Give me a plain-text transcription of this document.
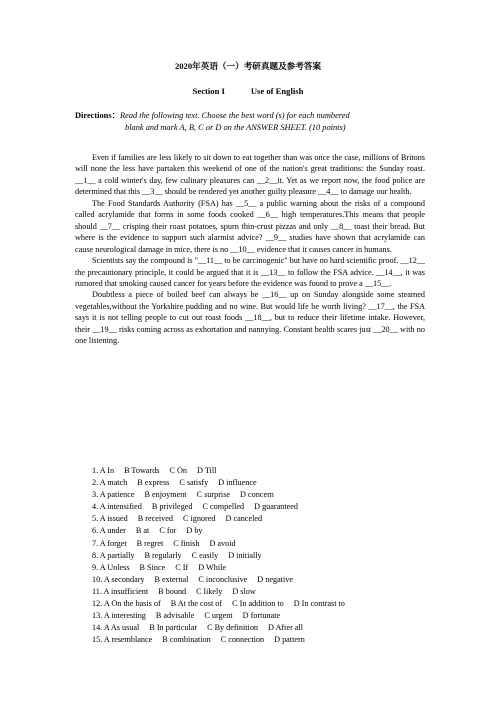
2020年英语（一）考研真题及参考答案
Section I	Use of English
Directions：Read the following text. Choose the best word (s) for each numbered
blank and mark A, B, C or D on the ANSWER SHEET. (10 points)

Even if families are less likely to sit down to eat together than was once the case, millions of Britons will none the less have partaken this weekend of one of the nation's great traditions: the Sunday roast. __1__ a cold winter's day, few culinary pleasures can __2__it. Yet as we report now, the food police are determined that this __3__ should be rendered yet another guilty pleasure __4__ to damage our health.

The Food Standards Authority (FSA) has __5__ a public warning about the risks of a compound called acrylamide that forms in some foods cooked __6__ high temperatures.This means that people should __7__ crisping their roast potatoes, spurn thin-crust pizzas and only __8__ toast their bread. But where is the evidence to support such alarmist advice? __9__ studies have shown that acrylamide can cause neurological damage in mice, there is no __10__ evidence that it causes cancer in humans.

Scientists say the compound is "__11__ to be carcinogenic" but have no hard scientific proof. __12__ the precautionary principle, it could be argued that it is __13__ to follow the FSA advice. __14__, it was rumored that smoking caused cancer for years before the evidence was found to prove a __15__.

Doubtless a piece of boiled beef can always be __16__ up on Sunday alongside some steamed vegetables,without the Yorkshire pudding and no wine. But would life be worth living? __17__, the FSA says it is not telling people to cut out roast foods __18__, but to reduce their lifetime intake. However, their __19__ risks coming across as exhortation and nannying. Constant health scares just __20__ with no one listening.

1. A In B Towards C On D Till
2. A match B express C satisfy D influence
3. A patience B enjoyment C surprise D concern
4. A intensified B privileged C compelled D guaranteed
5. A issued B received C ignored D canceled
6. A under B at C for D by
7. A forget B regret C finish D avoid
8. A partially B regularly C easily D initially
9. A Unless B Since C If D While
10. A secondary B external C inconclusive D negative
11. A insufficient B bound C likely D slow
12. A On the basis of B At the cost of C In addition to D In contrast to
13. A interesting B advisable C urgent D fortunate
14. A As usual B In particular C By definition D After all
15. A resemblance B combination C connection D pattern
